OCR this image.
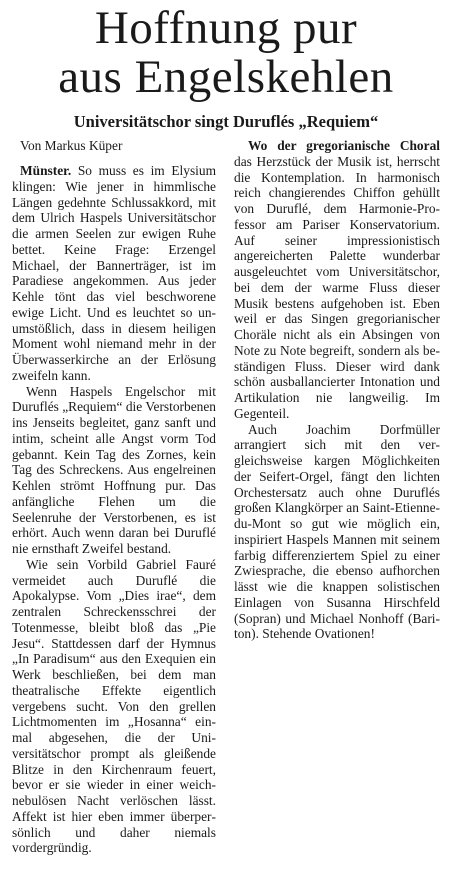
Hoffnung pur
aus Engelskehlen
Universitätschor singt Duruflés „Requiem“
Von Markus Küper

Münster. So muss es im Elysium klingen: Wie jener in himmlische Längen gedehnte Schlussakkord, mit dem Ulrich Haspels Universitätschor die armen Seelen zur ewigen Ruhe bettet. Keine Frage: Erzengel Michael, der Bannerträger, ist im Paradiese angekommen. Aus jeder Kehle tönt das viel beschworene ewige Licht. Und es leuchtet so unumstößlich, dass in diesem heiligen Moment wohl niemand mehr in der Überwasserkirche an der Erlösung zweifeln kann.

Wenn Haspels Engelschor mit Duruflés „Requiem“ die Verstorbenen ins Jenseits begleitet, ganz sanft und intim, scheint alle Angst vorm Tod gebannt. Kein Tag des Zornes, kein Tag des Schreckens. Aus engelreinen Kehlen strömt Hoffnung pur. Das anfängliche Flehen um die Seelenruhe der Verstorbenen, es ist erhört. Auch wenn daran bei Duruflé nie ernsthaft Zweifel bestand.

Wie sein Vorbild Gabriel Fauré vermeidet auch Duruflé die Apokalypse. Vom „Dies irae“, dem zentralen Schreckensschrei der Totenmesse, bleibt bloß das „Pie Jesu“. Stattdessen darf der Hymnus „In Paradisum“ aus den Exequien ein Werk beschließen, bei dem man theatralische Effekte eigentlich vergebens sucht. Von den grellen Lichtmomenten im „Hosanna“ einmal abgesehen, die der Universitätschor prompt als gleißende Blitze in den Kirchenraum feuert, bevor er sie wieder in einer weich-nebulösen Nacht verlöschen lässt. Affekt ist hier eben immer überpersönlich und daher niemals vordergründig.

Wo der gregorianische Choral das Herzstück der Musik ist, herrscht die Kontemplation. In harmonisch reich changierendes Chiffon gehüllt von Duruflé, dem Harmonie-Professor am Pariser Konservatorium. Auf seiner impressionistisch angereicherten Palette wunderbar ausgeleuchtet vom Universitätschor, bei dem der warme Fluss dieser Musik bestens aufgehoben ist. Eben weil er das Singen gregorianischer Choräle nicht als ein Absingen von Note zu Note begreift, sondern als beständigen Fluss. Dieser wird dank schön ausballancierter Intonation und Artikulation nie langweilig. Im Gegenteil.

Auch Joachim Dorfmüller arrangiert sich mit den vergleichsweise kargen Möglichkeiten der Seifert-Orgel, fängt den lichten Orchestersatz auch ohne Duruflés großen Klangkörper an Saint-Etienne-du-Mont so gut wie möglich ein, inspiriert Haspels Mannen mit seinem farbig differenziertem Spiel zu einer Zwiesprache, die ebenso aufhorchen lässt wie die knappen solistischen Einlagen von Susanna Hirschfeld (Sopran) und Michael Nonhoff (Bariton). Stehende Ovationen!
